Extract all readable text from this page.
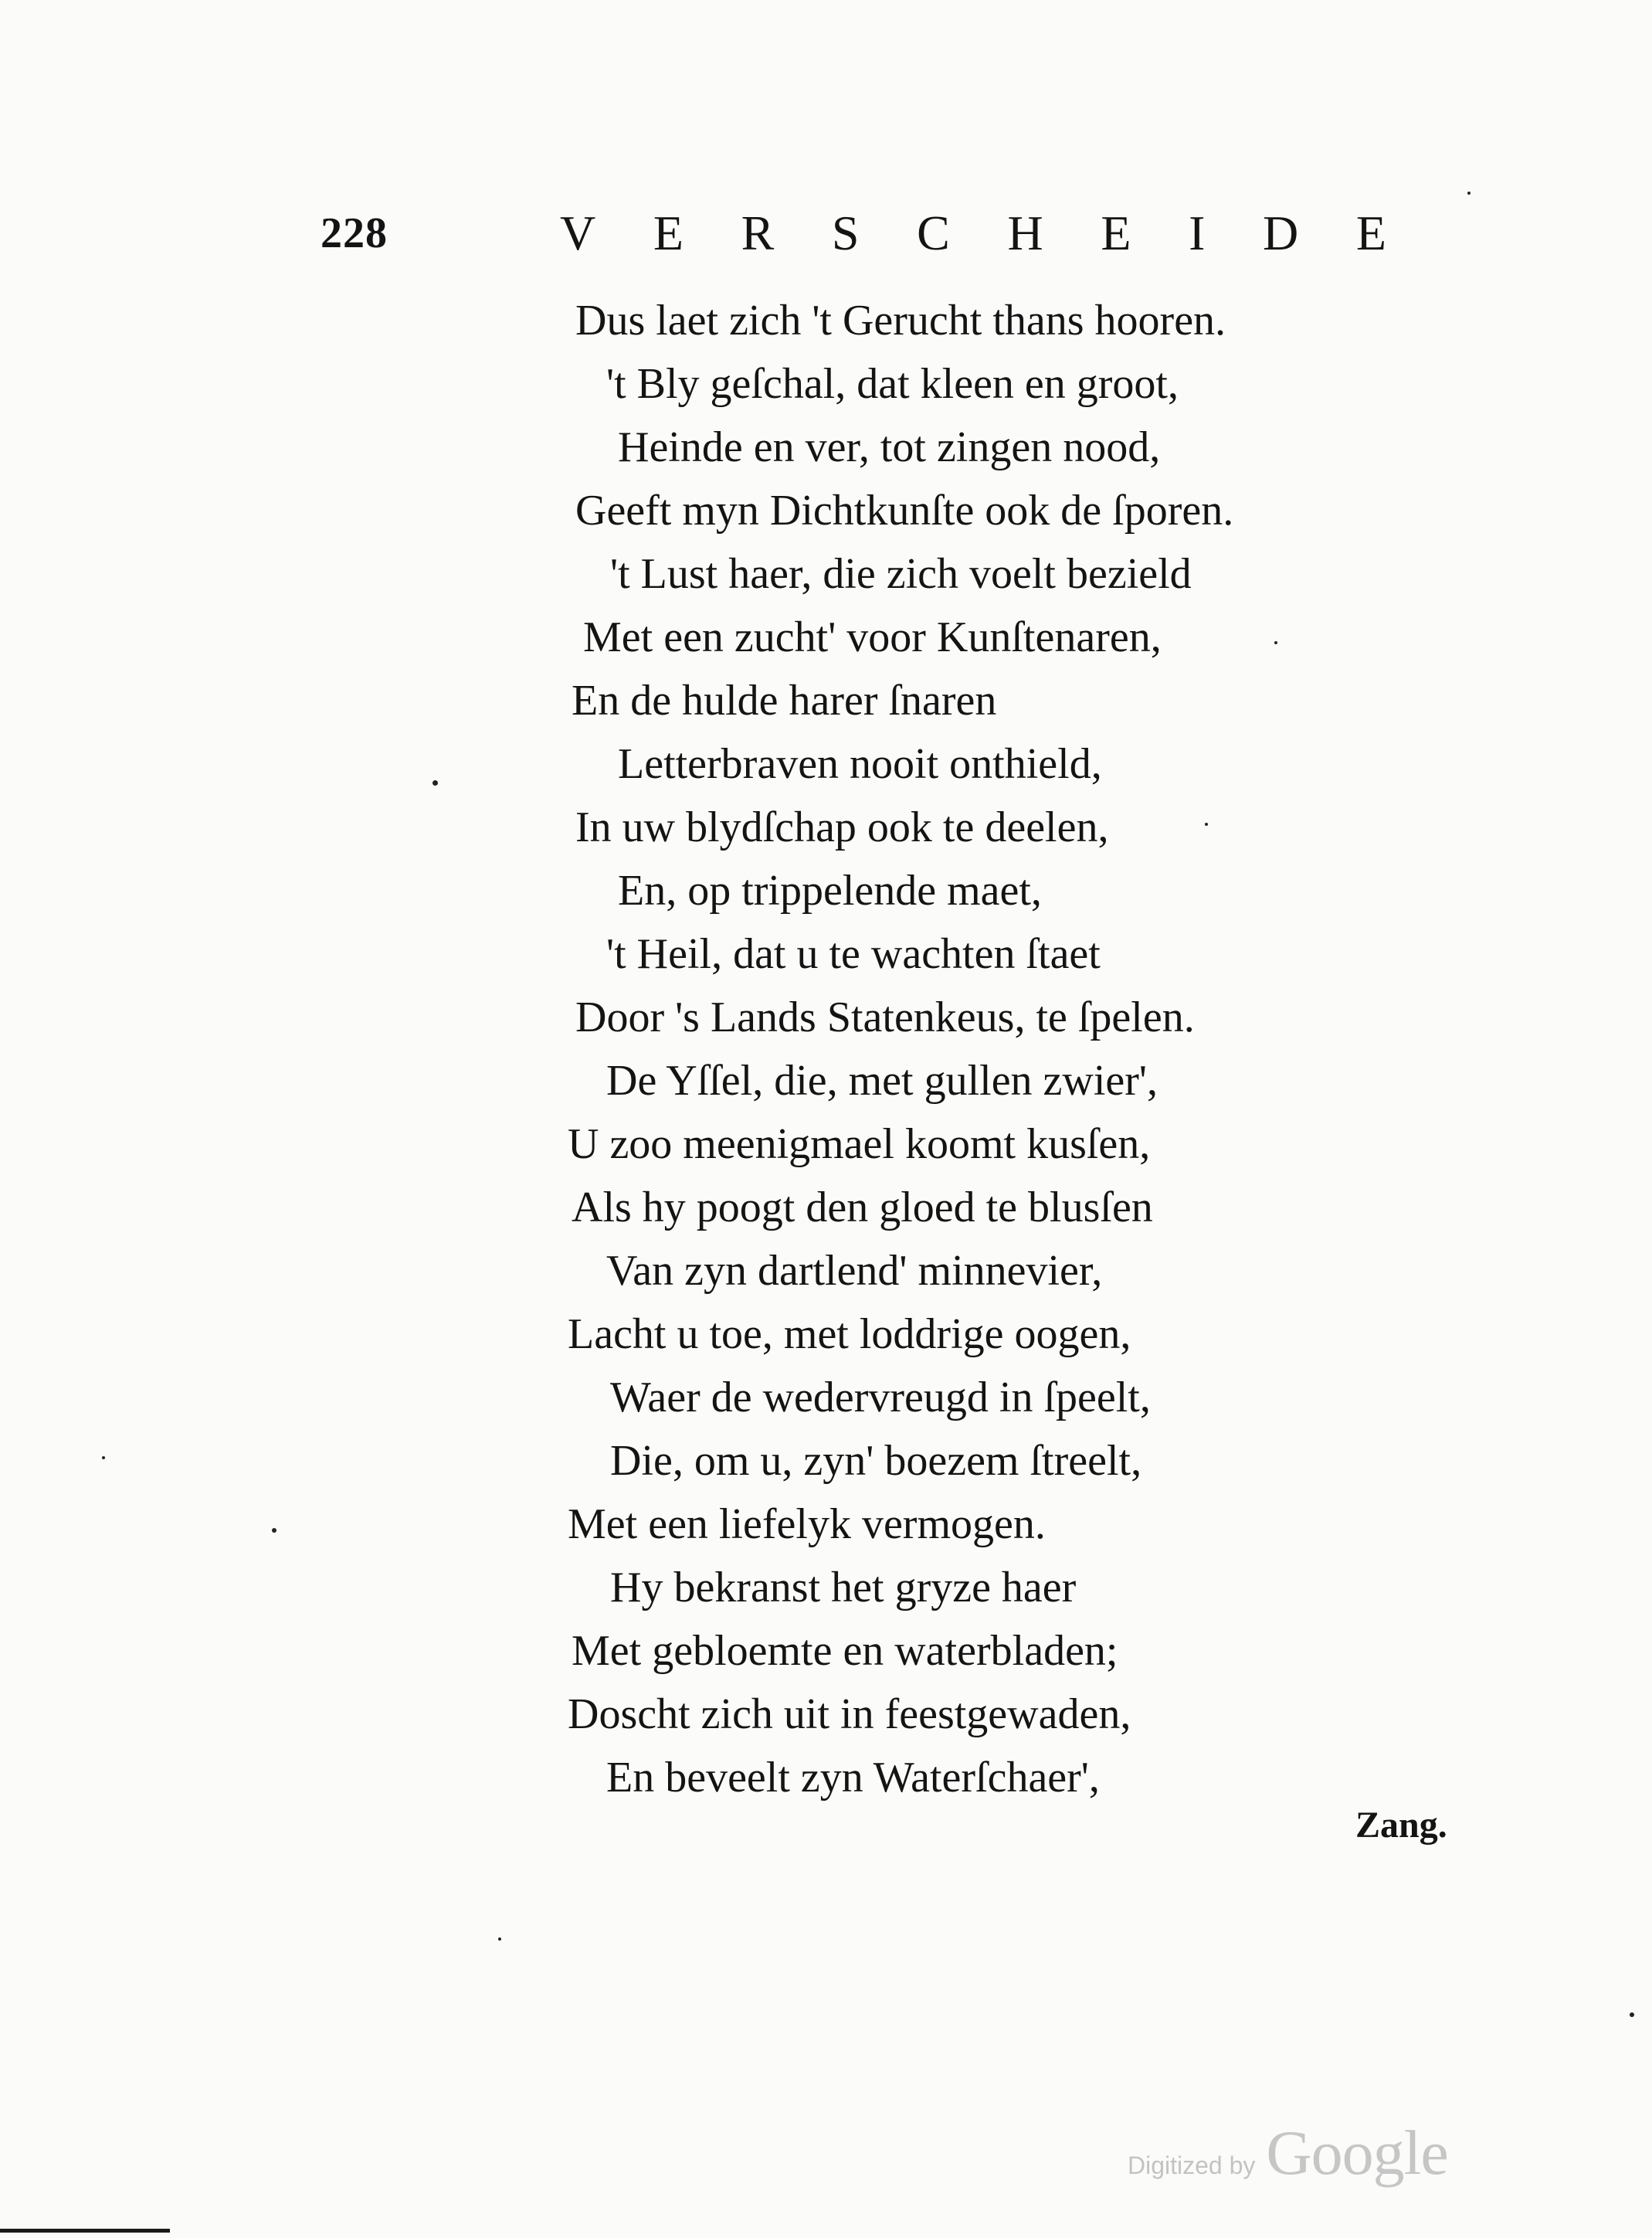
228	V E R S C H E I D E
Dus laet zich 't Gerucht thans hooren.
't Bly geſchal, dat kleen en groot,
Heinde en ver, tot zingen nood,
Geeft myn Dichtkunſte ook de ſporen.
't Lust haer, die zich voelt bezield
Met een zucht' voor Kunſtenaren,
En de hulde harer ſnaren
Letterbraven nooit onthield,
In uw blydſchap ook te deelen,
En, op trippelende maet,
't Heil, dat u te wachten ſtaet
Door 's Lands Statenkeus, te ſpelen.
De Yſſel, die, met gullen zwier',
U zoo meenigmael koomt kusſen,
Als hy poogt den gloed te blusſen
Van zyn dartlend' minnevier,
Lacht u toe, met loddrige oogen,
Waer de wedervreugd in ſpeelt,
Die, om u, zyn' boezem ſtreelt,
Met een liefelyk vermogen.
Hy bekranst het gryze haer
Met gebloemte en waterbladen;
Doscht zich uit in feestgewaden,
En beveelt zyn Waterſchaer',
Zang.
Digitized by Google
